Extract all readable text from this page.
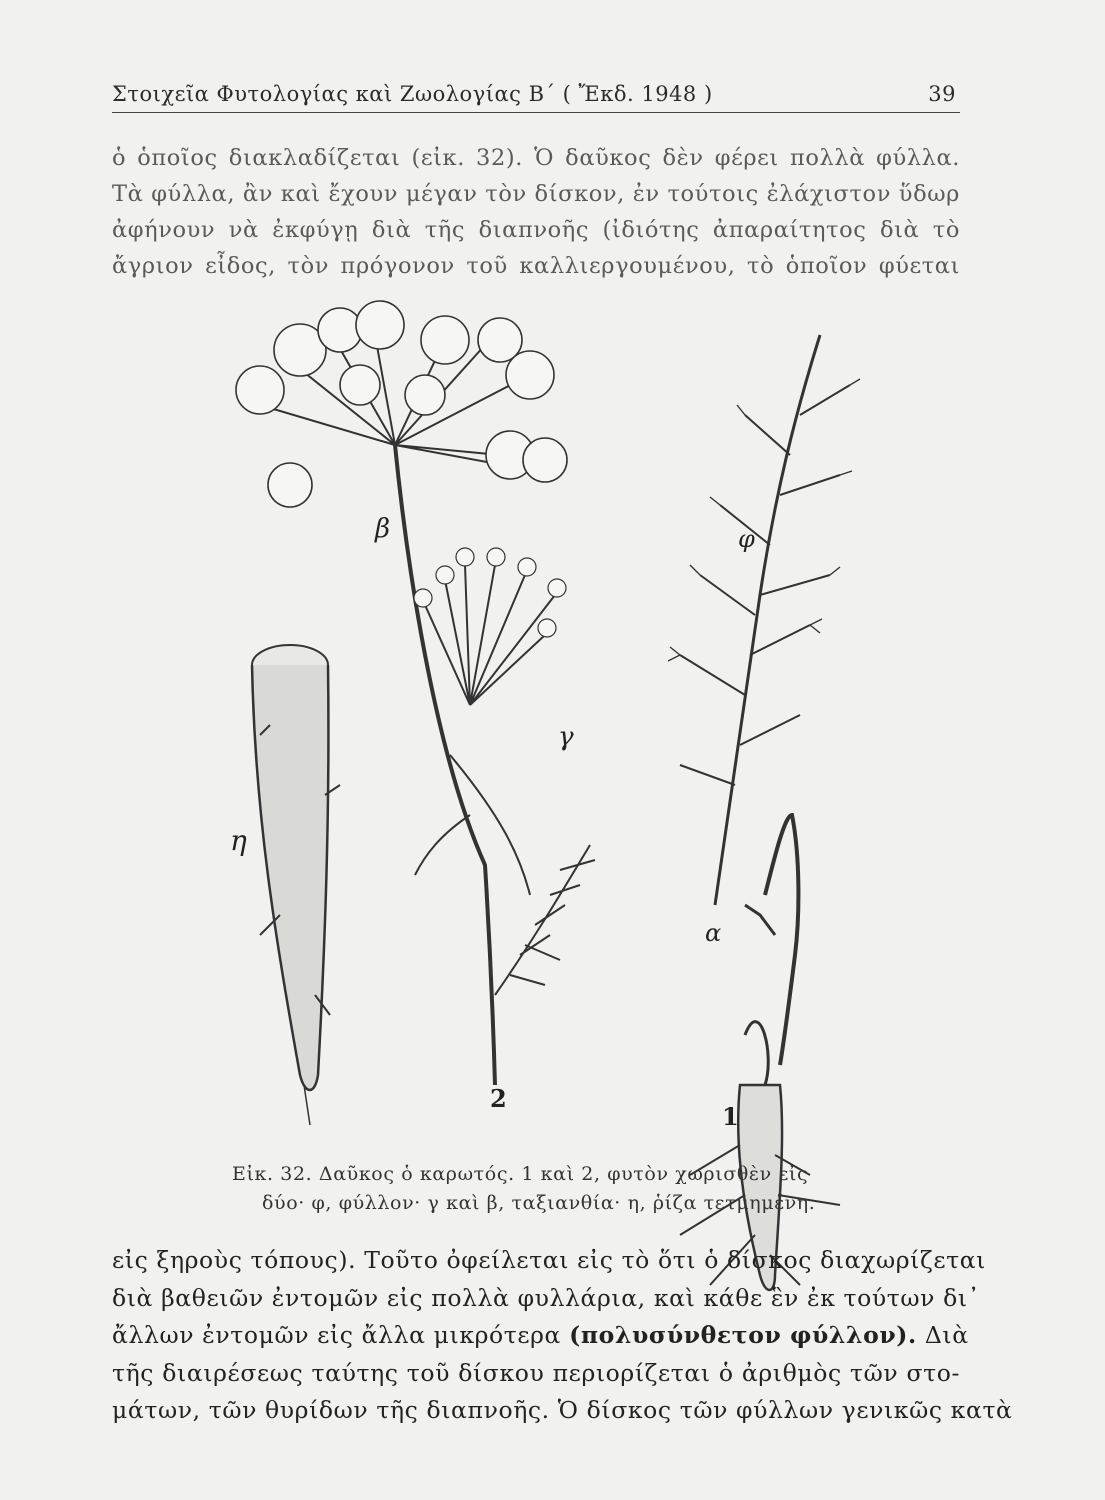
Στοιχεῖα Φυτολογίας καὶ Ζωολογίας Β΄ ( Ἔκδ. 1948 )	39
ὁ ὁποῖος διακλαδίζεται (εἰκ. 32). Ὁ δαῦκος δὲν φέρει πολλὰ φύλλα.
Τὰ φύλλα, ἂν καὶ ἔχουν μέγαν τὸν δίσκον, ἐν τούτοις ἐλάχιστον ὕδωρ
ἀφήνουν νὰ ἐκφύγῃ διὰ τῆς διαπνοῆς (ἰδιότης ἀπαραίτητος διὰ τὸ
ἄγριον εἶδος, τὸν πρόγονον τοῦ καλλιεργουμένου, τὸ ὁποῖον φύεται
β	φ
γ
η
α
2
1
Εἰκ. 32. Δαῦκος ὁ καρωτός. 1 καὶ 2, φυτὸν χωρισθὲν εἰς
δύο· φ, φύλλον· γ καὶ β, ταξιανθία· η, ῥίζα τετμημένη.
εἰς ξηροὺς τόπους). Τοῦτο ὀφείλεται εἰς τὸ ὅτι ὁ δίσκος διαχωρίζεται
διὰ βαθειῶν ἐντομῶν εἰς πολλὰ φυλλάρια, καὶ κάθε ἓν ἐκ τούτων δι᾽
ἄλλων ἐντομῶν εἰς ἄλλα μικρότερα (πολυσύνθετον φύλλον). Διὰ
τῆς διαιρέσεως ταύτης τοῦ δίσκου περιορίζεται ὁ ἀριθμὸς τῶν στο-
μάτων, τῶν θυρίδων τῆς διαπνοῆς. Ὁ δίσκος τῶν φύλλων γενικῶς κατὰ
